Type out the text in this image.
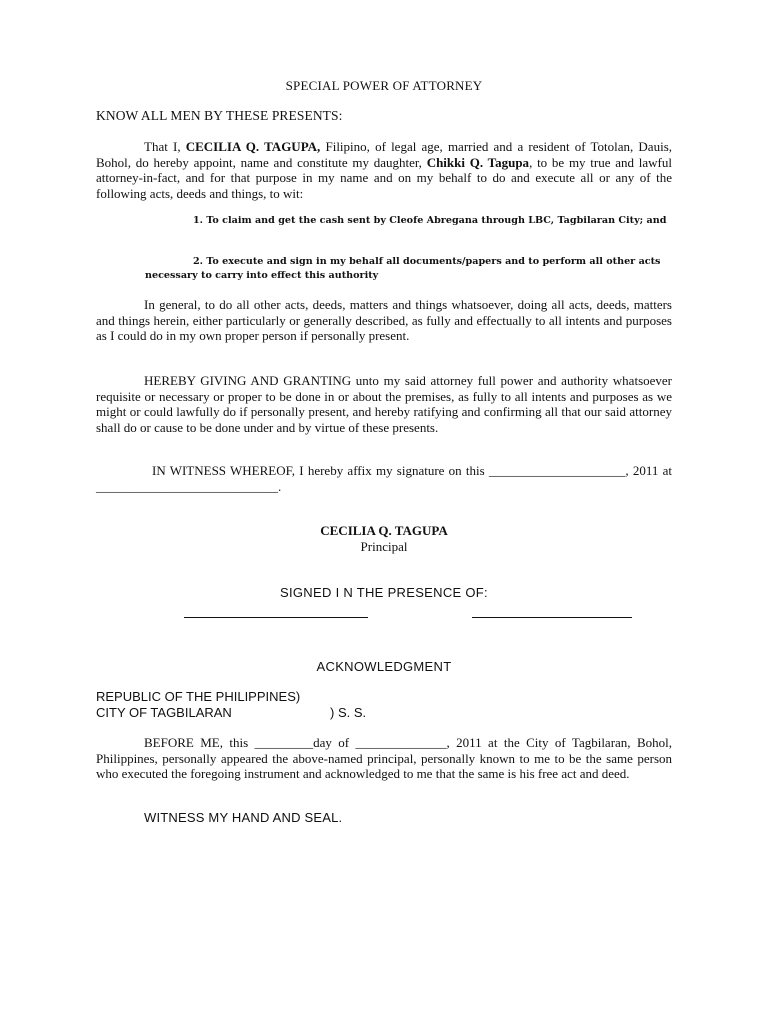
SPECIAL POWER OF ATTORNEY
KNOW ALL MEN BY THESE PRESENTS:
That I, CECILIA Q. TAGUPA, Filipino, of legal age, married and a resident of Totolan, Dauis, Bohol, do hereby appoint, name and constitute my daughter, Chikki Q. Tagupa, to be my true and lawful attorney-in-fact, and for that purpose in my name and on my behalf to do and execute all or any of the following acts, deeds and things, to wit:
1. To claim and get the cash sent by Cleofe Abregana through LBC, Tagbilaran City; and
2. To execute and sign in my behalf all documents/papers and to perform all other acts necessary to carry into effect this authority
In general, to do all other acts, deeds, matters and things whatsoever, doing all acts, deeds, matters and things herein, either particularly or generally described, as fully and effectually to all intents and purposes as I could do in my own proper person if personally present.
HEREBY GIVING AND GRANTING unto my said attorney full power and authority whatsoever requisite or necessary or proper to be done in or about the premises, as fully to all intents and purposes as we might or could lawfully do if personally present, and hereby ratifying and confirming all that our said attorney shall do or cause to be done under and by virtue of these presents.
IN WITNESS WHEREOF, I hereby affix my signature on this _____________________, 2011 at ____________________________.
CECILIA Q. TAGUPA
Principal
SIGNED I N THE PRESENCE OF:
ACKNOWLEDGMENT
REPUBLIC OF THE PHILIPPINES)
CITY OF TAGBILARAN	) S. S.
BEFORE ME, this _________day of ______________, 2011 at the City of Tagbilaran, Bohol, Philippines, personally appeared the above-named principal, personally known to me to be the same person who executed the foregoing instrument and acknowledged to me that the same is his free act and deed.
WITNESS MY HAND AND SEAL.
